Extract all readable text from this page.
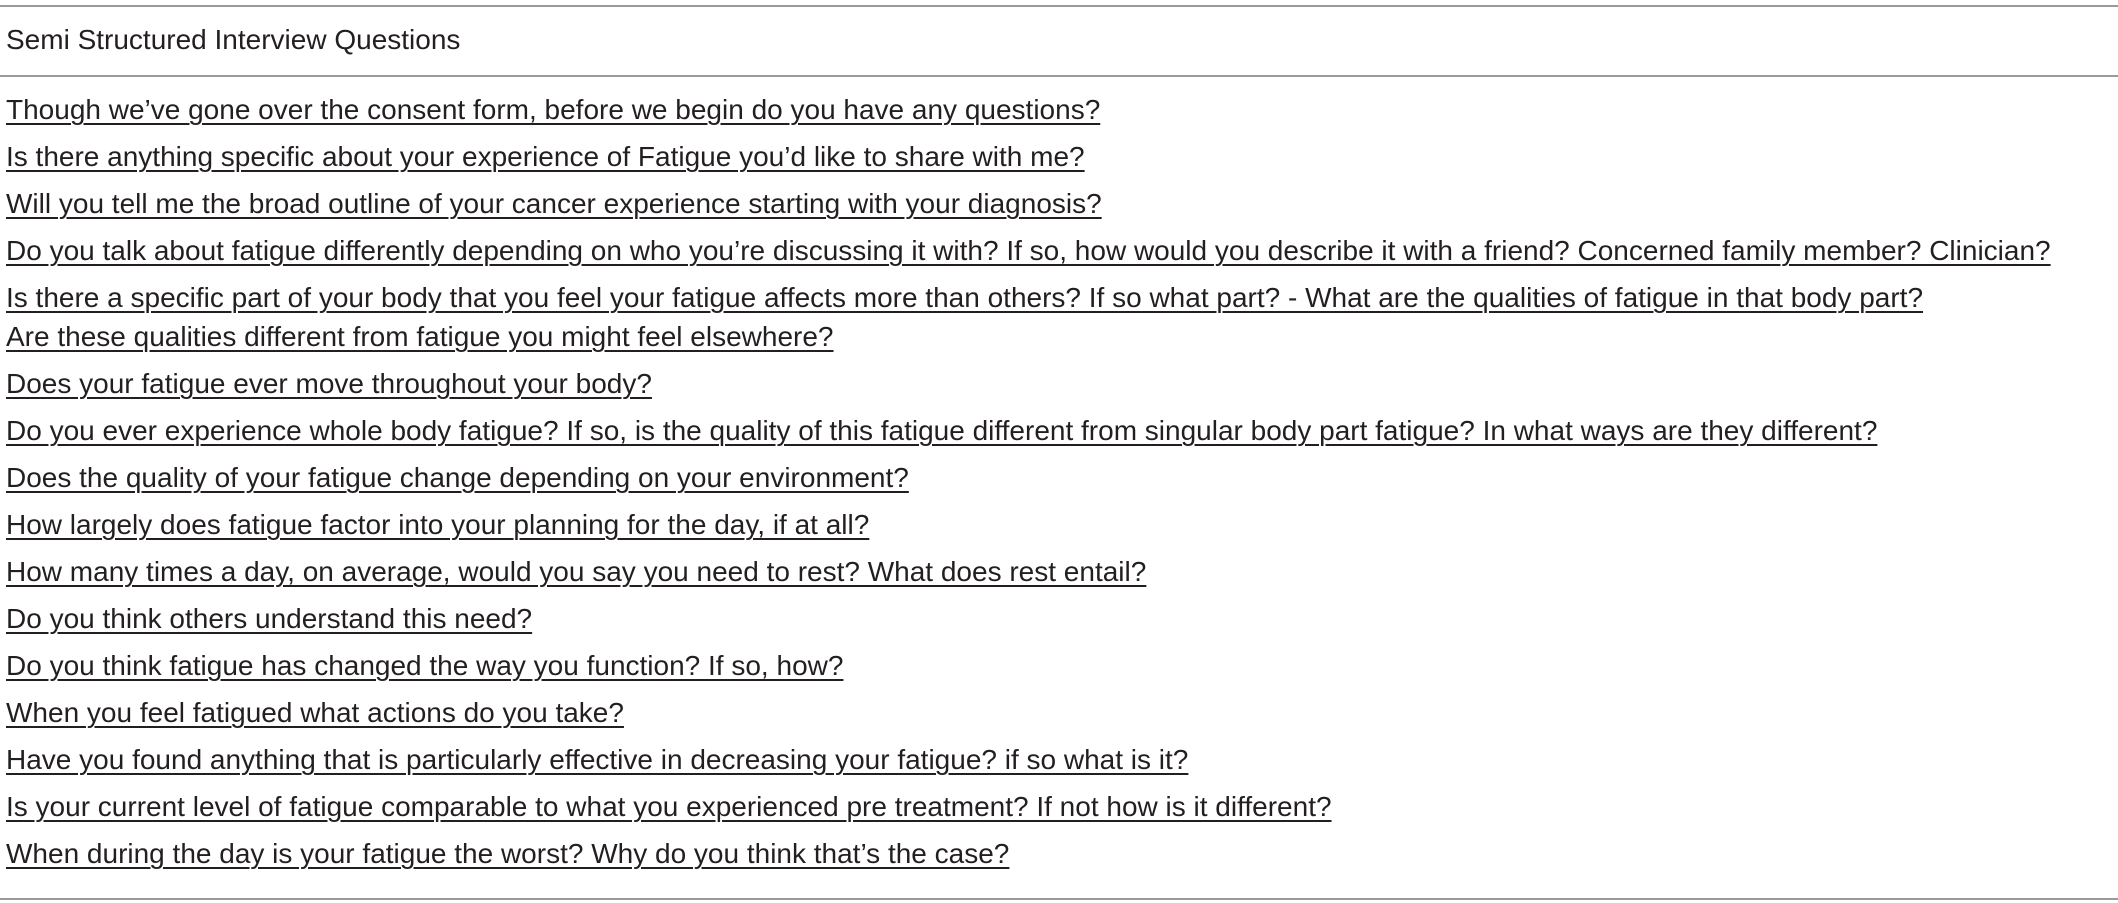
Semi Structured Interview Questions
Though we’ve gone over the consent form, before we begin do you have any questions?
Is there anything specific about your experience of Fatigue you’d like to share with me?
Will you tell me the broad outline of your cancer experience starting with your diagnosis?
Do you talk about fatigue differently depending on who you’re discussing it with? If so, how would you describe it with a friend? Concerned family member? Clinician?
Is there a specific part of your body that you feel your fatigue affects more than others? If so what part? - What are the qualities of fatigue in that body part?
Are these qualities different from fatigue you might feel elsewhere?
Does your fatigue ever move throughout your body?
Do you ever experience whole body fatigue? If so, is the quality of this fatigue different from singular body part fatigue? In what ways are they different?
Does the quality of your fatigue change depending on your environment?
How largely does fatigue factor into your planning for the day, if at all?
How many times a day, on average, would you say you need to rest? What does rest entail?
Do you think others understand this need?
Do you think fatigue has changed the way you function? If so, how?
When you feel fatigued what actions do you take?
Have you found anything that is particularly effective in decreasing your fatigue? if so what is it?
Is your current level of fatigue comparable to what you experienced pre treatment? If not how is it different?
When during the day is your fatigue the worst? Why do you think that’s the case?
